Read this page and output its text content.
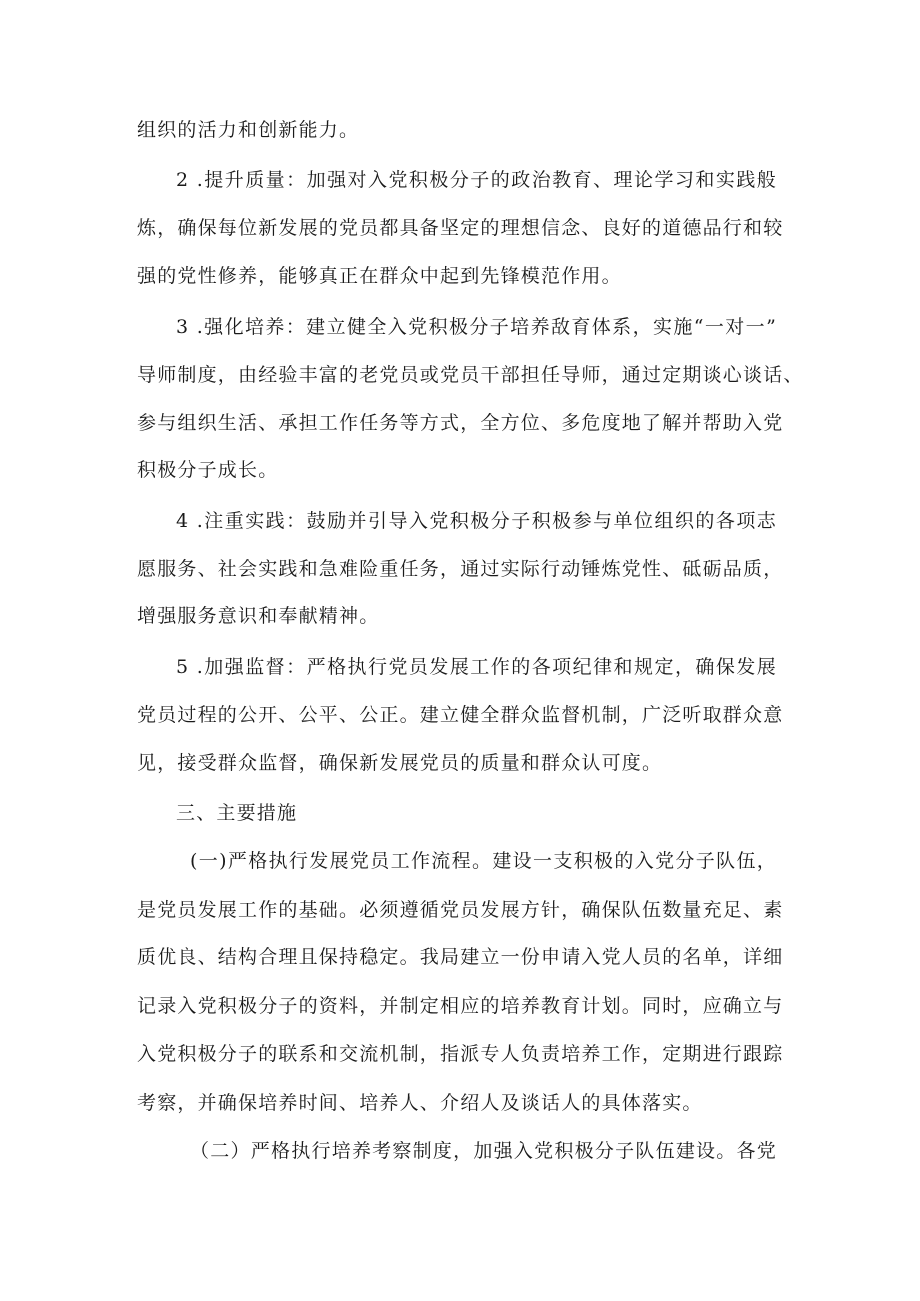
组织的活力和创新能力。
2 .提升质量：加强对入党积极分子的政治教育、理论学习和实践般
炼，确保每位新发展的党员都具备坚定的理想信念、良好的道德品行和较
强的党性修养，能够真正在群众中起到先锋模范作用。
3 .强化培养：建立健全入党积极分子培养敌育体系，实施“一对一”
导师制度，由经验丰富的老党员或党员干部担任导师，通过定期谈心谈话、
参与组织生活、承担工作任务等方式，全方位、多危度地了解并帮助入党
积极分子成长。
4 .注重实践：鼓励并引导入党积极分子积极参与单位组织的各项志
愿服务、社会实践和急难险重任务，通过实际行动锤炼党性、砥砺品质，
增强服务意识和奉献精神。
5 .加强监督：严格执行党员发展工作的各项纪律和规定，确保发展
党员过程的公开、公平、公正。建立健全群众监督机制，广泛听取群众意
见，接受群众监督，确保新发展党员的质量和群众认可度。
三、主要措施
(一)严格执行发展党员工作流程。建设一支积极的入党分子队伍，
是党员发展工作的基础。必须遵循党员发展方针，确保队伍数量充足、素
质优良、结构合理且保持稳定。我局建立一份申请入党人员的名单，详细
记录入党积极分子的资料，并制定相应的培养教育计划。同时，应确立与
入党积极分子的联系和交流机制，指派专人负责培养工作，定期进行跟踪
考察，并确保培养时间、培养人、介绍人及谈话人的具体落实。
（二）严格执行培养考察制度，加强入党积极分子队伍建设。各党
